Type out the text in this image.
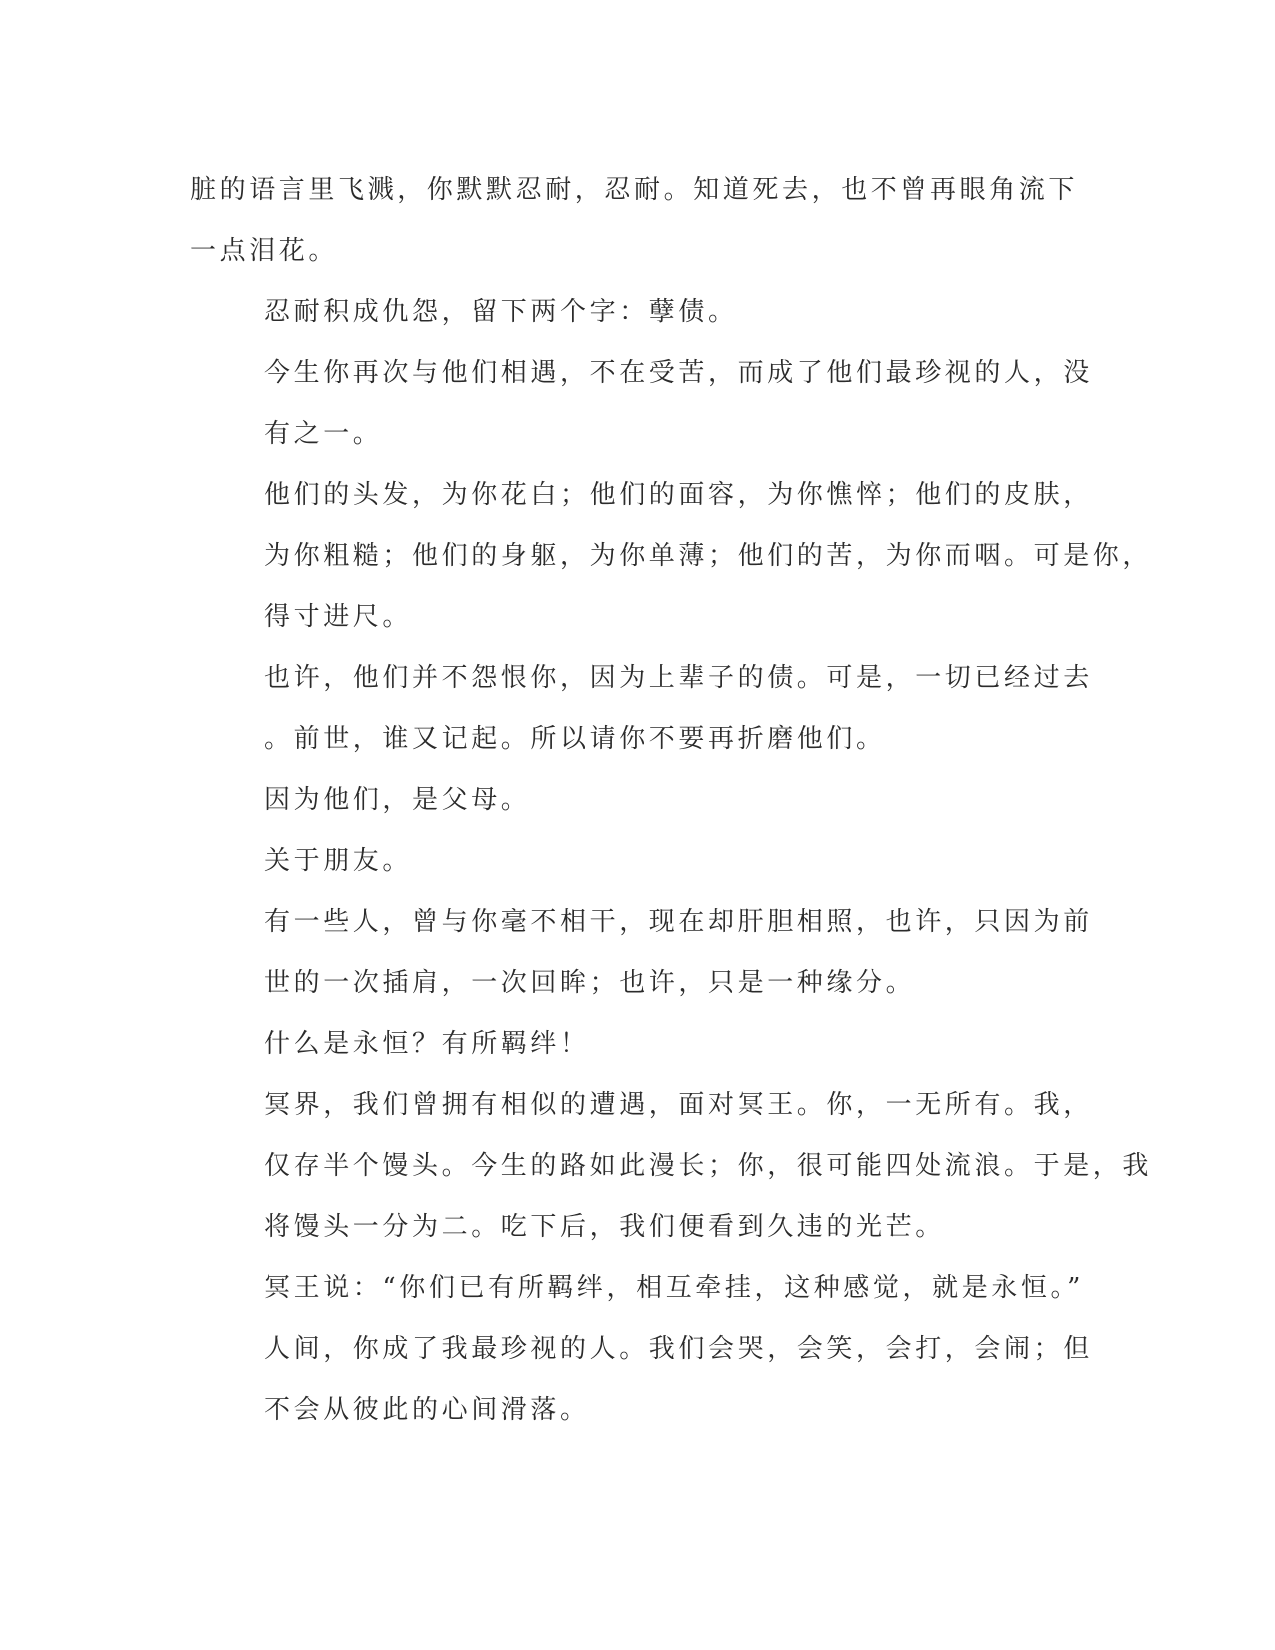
脏的语言里飞溅，你默默忍耐，忍耐。知道死去，也不曾再眼角流下
一点泪花。

忍耐积成仇怨，留下两个字：孽债。

今生你再次与他们相遇，不在受苦，而成了他们最珍视的人，没
有之一。

他们的头发，为你花白；他们的面容，为你憔悴；他们的皮肤，
为你粗糙；他们的身躯，为你单薄；他们的苦，为你而咽。可是你，
得寸进尺。

也许，他们并不怨恨你，因为上辈子的债。可是，一切已经过去
。前世，谁又记起。所以请你不要再折磨他们。

因为他们，是父母。

关于朋友。

有一些人，曾与你毫不相干，现在却肝胆相照，也许，只因为前
世的一次插肩，一次回眸；也许，只是一种缘分。

什么是永恒？有所羁绊！

冥界，我们曾拥有相似的遭遇，面对冥王。你，一无所有。我，
仅存半个馒头。今生的路如此漫长；你，很可能四处流浪。于是，我
将馒头一分为二。吃下后，我们便看到久违的光芒。

冥王说：“你们已有所羁绊，相互牵挂，这种感觉，就是永恒。”

人间，你成了我最珍视的人。我们会哭，会笑，会打，会闹；但
不会从彼此的心间滑落。
